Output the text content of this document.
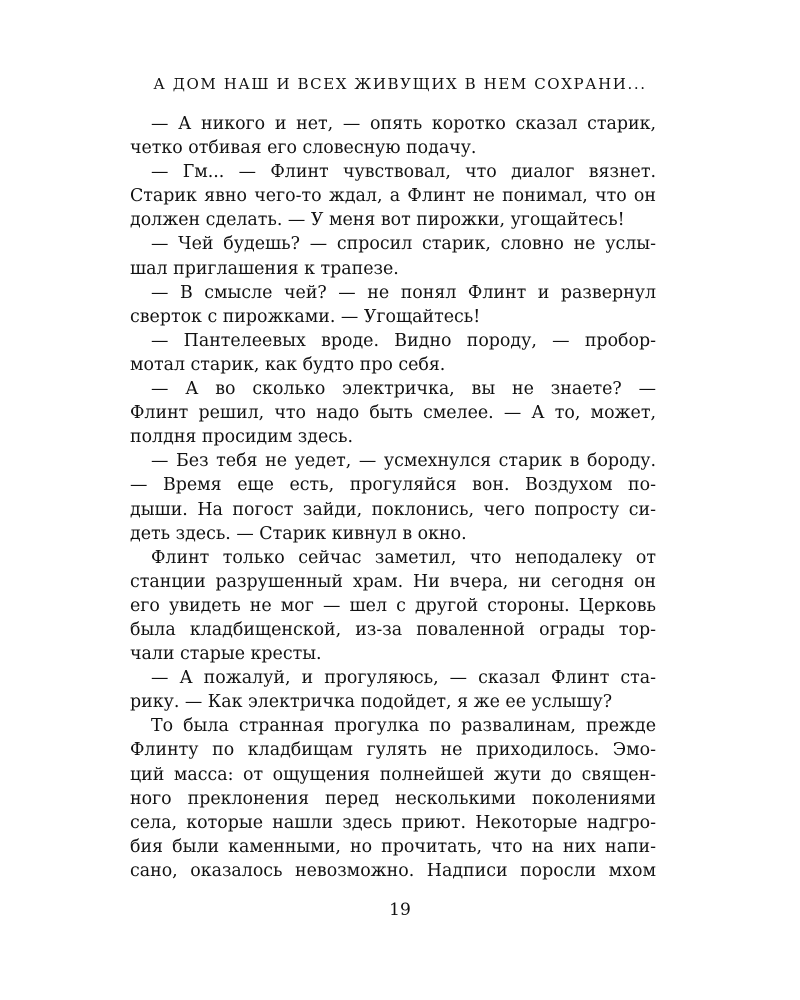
А ДОМ НАШ И ВСЕХ ЖИВУЩИХ В НЕМ СОХРАНИ...
— А никого и нет, — опять коротко сказал старик,
четко отбивая его словесную подачу.
— Гм... — Флинт чувствовал, что диалог вязнет.
Старик явно чего-то ждал, а Флинт не понимал, что он
должен сделать. — У меня вот пирожки, угощайтесь!
— Чей будешь? — спросил старик, словно не услы-
шал приглашения к трапезе.
— В смысле чей? — не понял Флинт и развернул
сверток с пирожками. — Угощайтесь!
— Пантелеевых вроде. Видно породу, — пробор-
мотал старик, как будто про себя.
— А во сколько электричка, вы не знаете? —
Флинт решил, что надо быть смелее. — А то, может,
полдня просидим здесь.
— Без тебя не уедет, — усмехнулся старик в бороду.
— Время еще есть, прогуляйся вон. Воздухом по-
дыши. На погост зайди, поклонись, чего попросту си-
деть здесь. — Старик кивнул в окно.
Флинт только сейчас заметил, что неподалеку от
станции разрушенный храм. Ни вчера, ни сегодня он
его увидеть не мог — шел с другой стороны. Церковь
была кладбищенской, из-за поваленной ограды тор-
чали старые кресты.
— А пожалуй, и прогуляюсь, — сказал Флинт ста-
рику. — Как электричка подойдет, я же ее услышу?
То была странная прогулка по развалинам, прежде
Флинту по кладбищам гулять не приходилось. Эмо-
ций масса: от ощущения полнейшей жути до священ-
ного преклонения перед несколькими поколениями
села, которые нашли здесь приют. Некоторые надгро-
бия были каменными, но прочитать, что на них напи-
сано, оказалось невозможно. Надписи поросли мхом
19
